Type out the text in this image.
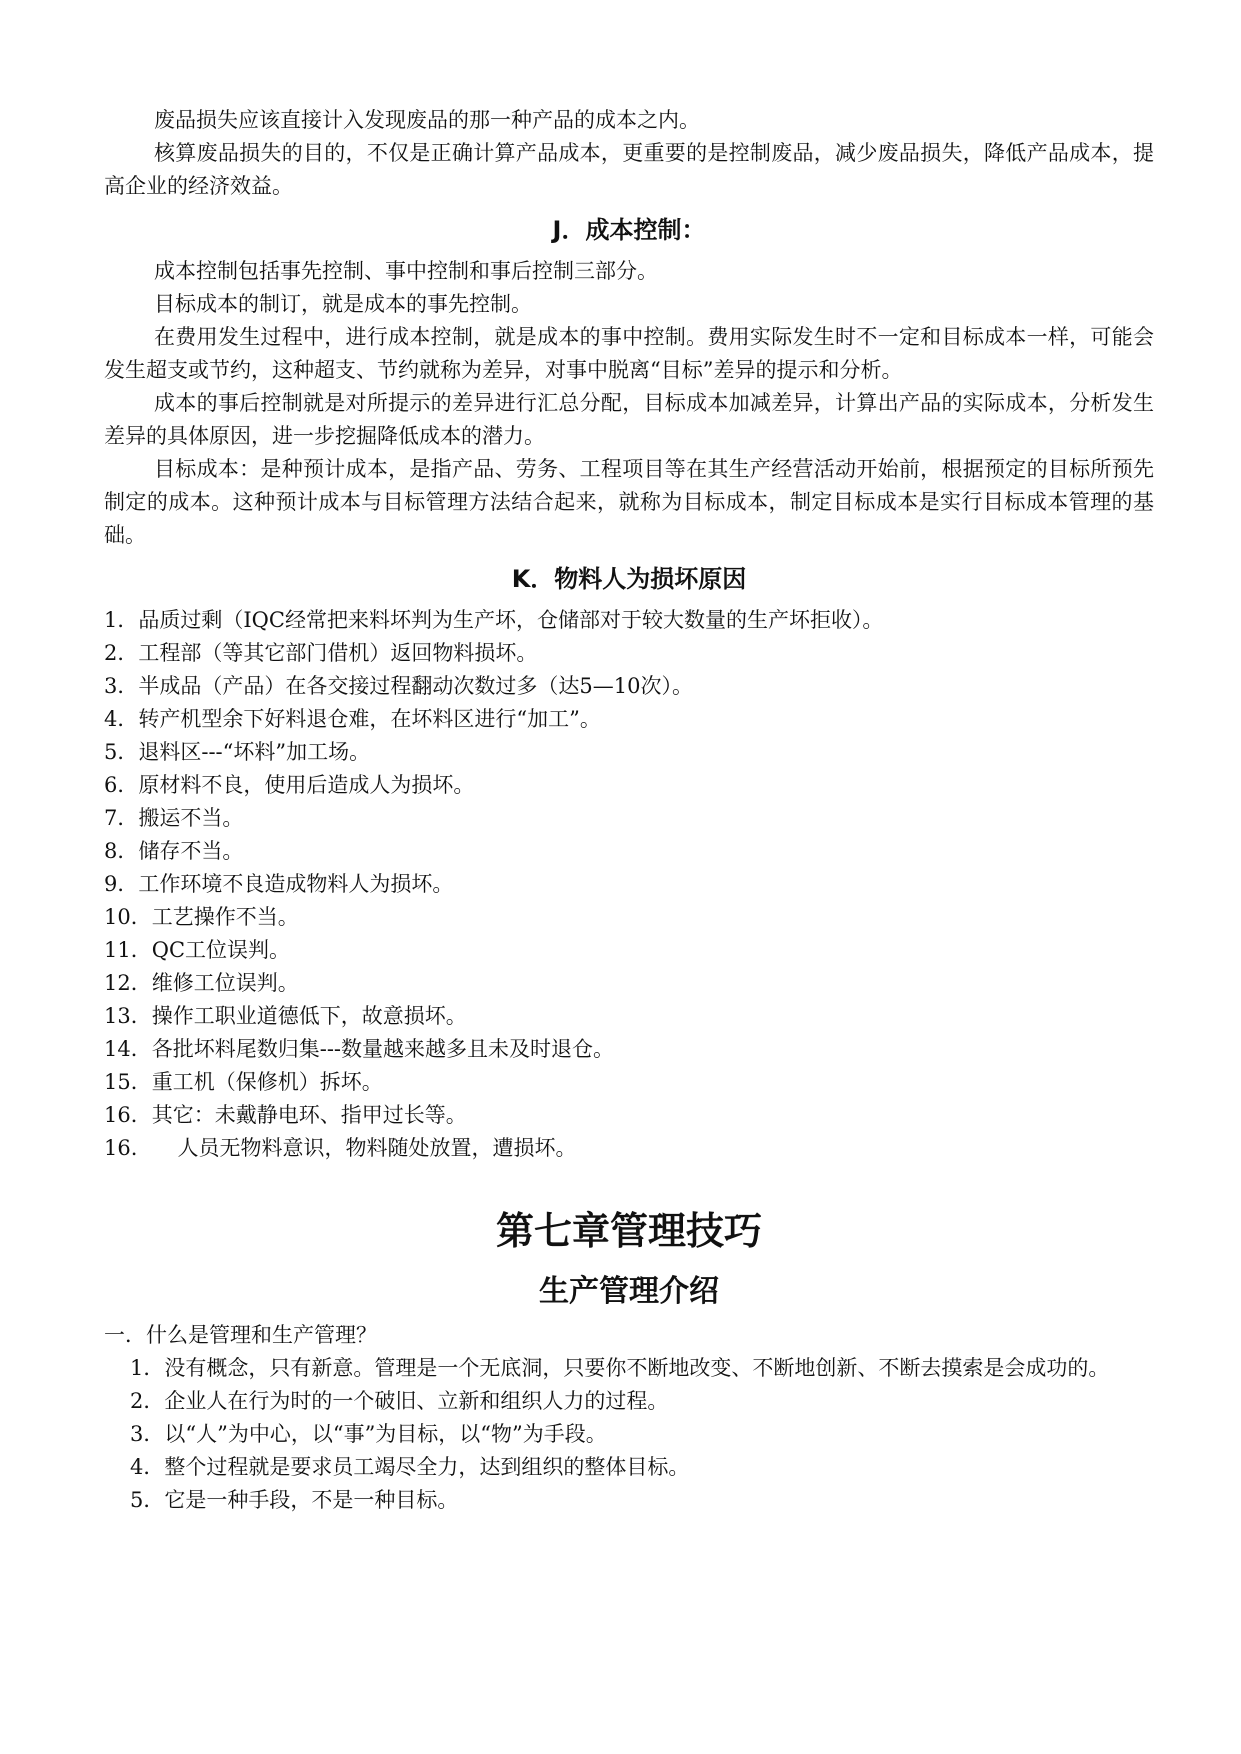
废品损失应该直接计入发现废品的那一种产品的成本之内。

核算废品损失的目的，不仅是正确计算产品成本，更重要的是控制废品，减少废品损失，降低产品成本，提高企业的经济效益。

J．成本控制：

成本控制包括事先控制、事中控制和事后控制三部分。

目标成本的制订，就是成本的事先控制。

在费用发生过程中，进行成本控制，就是成本的事中控制。费用实际发生时不一定和目标成本一样，可能会发生超支或节约，这种超支、节约就称为差异，对事中脱离“目标”差异的提示和分析。

成本的事后控制就是对所提示的差异进行汇总分配，目标成本加减差异，计算出产品的实际成本，分析发生差异的具体原因，进一步挖掘降低成本的潜力。

目标成本：是种预计成本，是指产品、劳务、工程项目等在其生产经营活动开始前，根据预定的目标所预先制定的成本。这种预计成本与目标管理方法结合起来，就称为目标成本，制定目标成本是实行目标成本管理的基础。

K．物料人为损坏原因
1．品质过剩（IQC经常把来料坏判为生产坏，仓储部对于较大数量的生产坏拒收）。
2．工程部（等其它部门借机）返回物料损坏。
3．半成品（产品）在各交接过程翻动次数过多（达5—10次）。
4．转产机型余下好料退仓难，在坏料区进行“加工”。
5．退料区---“坏料”加工场。
6．原材料不良，使用后造成人为损坏。
7．搬运不当。
8．储存不当。
9．工作环境不良造成物料人为损坏。
10．工艺操作不当。
11．QC工位误判。
12．维修工位误判。
13．操作工职业道德低下，故意损坏。
14．各批坏料尾数归集---数量越来越多且未及时退仓。
15．重工机（保修机）拆坏。
16．其它：未戴静电环、指甲过长等。
16.      人员无物料意识，物料随处放置，遭损坏。
第七章管理技巧
生产管理介绍

一．什么是管理和生产管理？

1．没有概念，只有新意。管理是一个无底洞，只要你不断地改变、不断地创新、不断去摸索是会成功的。
2．企业人在行为时的一个破旧、立新和组织人力的过程。
3．以“人”为中心，以“事”为目标，以“物”为手段。
4．整个过程就是要求员工竭尽全力，达到组织的整体目标。
5．它是一种手段，不是一种目标。
